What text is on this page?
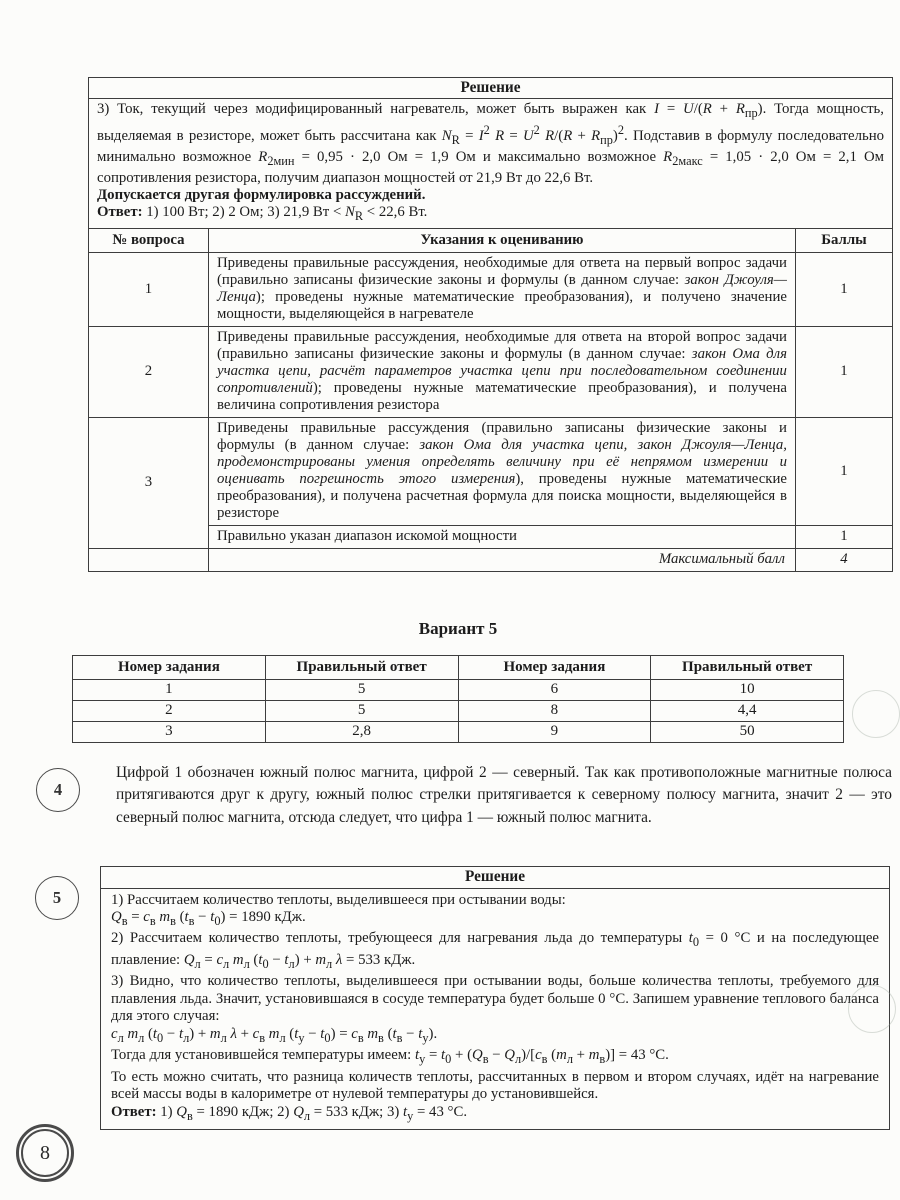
Решение		

3) Ток, текущий через модифицированный нагреватель, может быть выражен как $I = U/(R + R_{пр})$. Тогда мощность, выделяемая в резисторе, может быть рассчитана как $N_R = I^2$ $R = U^2$ $R/(R + R_{пр})^2$. Подставив в формулу последовательно минимально возможное $R_{2мин} = 0,95 \cdot 2,0$ Ом = 1,9 Ом и максимально возможное $R_{2макс} = 1,05 \cdot 2,0$ Ом = 2,1 Ом сопротивления резистора, получим диапазон мощностей от 21,9 Вт до 22,6 Вт.

Допускается другая формулировка рассуждений.

Ответ: 1) 100 Вт; 2) 2 Ом; 3) 21,9 Вт < $N_R < 22,6$ Вт.		

№ вопроса	Указания к оцениванию	Баллы
1	Приведены правильные рассуждения, необходимые для ответа на первый вопрос задачи (правильно записаны физические законы и формулы (в данном случае: закон Джоуля—Ленца); проведены нужные математические преобразования), и получено значение мощности, выделяющейся в нагревателе	1
2	Приведены правильные рассуждения, необходимые для ответа на второй вопрос задачи (правильно записаны физические законы и формулы (в данном случае: закон Ома для участка цепи, расчёт параметров участка цепи при последовательном соединении сопротивлений); проведены нужные математические преобразования), и получена величина сопротивления резистора	1
3	Приведены правильные рассуждения (правильно записаны физические законы и формулы (в данном случае: закон Ома для участка цепи, закон Джоуля—Ленца, продемонстрированы умения определять величину при её непрямом измерении и оценивать погрешность этого измерения), проведены нужные математические преобразования), и получена расчетная формула для поиска мощности, выделяющейся в резисторе	1
	Правильно указан диапазон искомой мощности	1
	Максимальный балл	4
Вариант 5
Номер задания	Правильный ответ	Номер задания	Правильный ответ
1	5	6	10
2	5	8	4,4
3	2,8	9	50
4
Цифрой 1 обозначен южный полюс магнита, цифрой 2 — северный. Так как противоположные магнитные полюса притягиваются друг к другу, южный полюс стрелки притягивается к северному полюсу магнита, значит 2 — это северный полюс магнита, отсюда следует, что цифра 1 — южный полюс магнита.
5
Решение

1) Рассчитаем количество теплоты, выделившееся при остывании воды:

$Q_в = c_в$ $m_в$ $(t_в - t_0) = 1890$ кДж.

2) Рассчитаем количество теплоты, требующееся для нагревания льда до температуры $t_0 = 0$ °С и на последующее плавление: $Q_л = c_л$ $m_л$ $(t_0 - t_л) + m_л$ λ = 533 кДж.

3) Видно, что количество теплоты, выделившееся при остывании воды, больше количества теплоты, требуемого для плавления льда. Значит, установившаяся в сосуде температура будет больше 0 °С. Запишем уравнение теплового баланса для этого случая:

$c_л$ $m_л$ $(t_0 - t_л) + m_л$ $\lambda + c_в$ $m_л$ $(t_у - t_0) = c_в$ $m_в$ $(t_в - t_у)$.

Тогда для установившейся температуры имеем: $t_у = t_0 + (Q_в - Q_л)/[c_в$ $(m_л + m_в)] = 43$ °С.

То есть можно считать, что разница количеств теплоты, рассчитанных в первом и втором случаях, идёт на нагревание всей массы воды в калориметре от нулевой температуры до установившейся.

Ответ: 1) $Q_в = 1890$ кДж; 2) $Q_л = 533$ кДж; 3) $t_у = 43$ °С.

8
